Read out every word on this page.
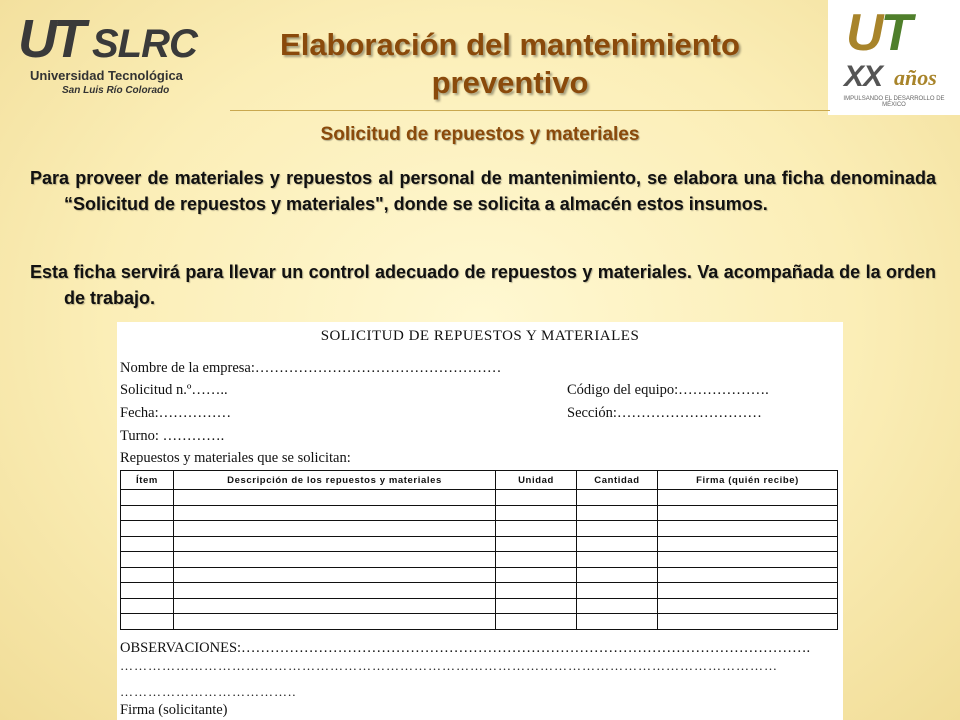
UT SLRC
Universidad Tecnológica
San Luis Río Colorado
UT
XX años
IMPULSANDO EL DESARROLLO DE MÉXICO
Elaboración del mantenimiento preventivo
Solicitud de repuestos y materiales
Para proveer de materiales y repuestos al personal de mantenimiento, se elabora una ficha denominada “Solicitud de repuestos y materiales", donde se solicita a almacén estos insumos.
Esta ficha servirá para llevar un control adecuado de repuestos y materiales. Va acompañada de la orden de trabajo.
SOLICITUD DE REPUESTOS Y MATERIALES
Nombre de la empresa:……………………………………………
Solicitud n.º……..	Código del equipo:……………….
Fecha:……………	Sección:…………………………
Turno: ………….
Repuestos y materiales que se solicitan:
Ítem	Descripción de los repuestos y materiales	Unidad	Cantidad	Firma (quién recibe)

OBSERVACIONES:……………………………………………………………………………………………………….
……………………………………………………………………………………………………………………………
………………………………..
Firma (solicitante)
